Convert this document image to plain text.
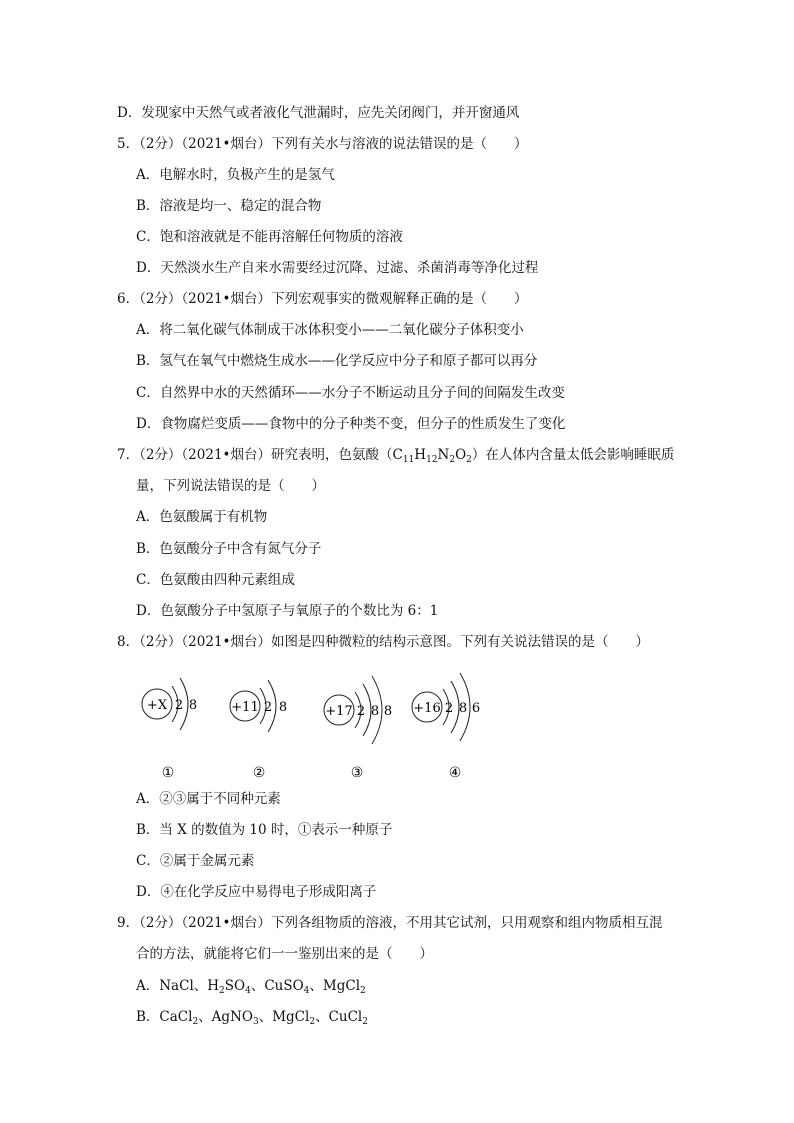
D．发现家中天然气或者液化气泄漏时，应先关闭阀门，并开窗通风
5．（2分）（2021•烟台）下列有关水与溶液的说法错误的是（　　）
A．电解水时，负极产生的是氢气
B．溶液是均一、稳定的混合物
C．饱和溶液就是不能再溶解任何物质的溶液
D．天然淡水生产自来水需要经过沉降、过滤、杀菌消毒等净化过程
6．（2分）（2021•烟台）下列宏观事实的微观解释正确的是（　　）
A．将二氧化碳气体制成干冰体积变小——二氧化碳分子体积变小
B．氢气在氧气中燃烧生成水——化学反应中分子和原子都可以再分
C．自然界中水的天然循环——水分子不断运动且分子间的间隔发生改变
D．食物腐烂变质——食物中的分子种类不变，但分子的性质发生了变化
7．（2分）（2021•烟台）研究表明，色氨酸$(C_{11}H_{12}N_2O_2)$在人体内含量太低会影响睡眠质
量，下列说法错误的是（　　）
A．色氨酸属于有机物
B．色氨酸分子中含有氮气分子
C．色氨酸由四种元素组成
D．色氨酸分子中氢原子与氧原子的个数比为 6：1
8．（2分）（2021•烟台）如图是四种微粒的结构示意图。下列有关说法错误的是（　　）
+X 2 8	+11 2 8	+17 2 8 8 +16 2 8 6
①	②	③	④
A．②③属于不同种元素
B．当 X 的数值为 10 时，①表示一种原子
C．②属于金属元素
D．④在化学反应中易得电子形成阳离子
9．（2分）（2021•烟台）下列各组物质的溶液，不用其它试剂，只用观察和组内物质相互混
合的方法，就能将它们一一鉴别出来的是（　　）
A．NaCl、$H_2SO_4$、CuSO$_4$、MgCl$_2$
B．CaCl$_2$、AgNO$_3$、MgCl$_2$、CuCl$_2$
